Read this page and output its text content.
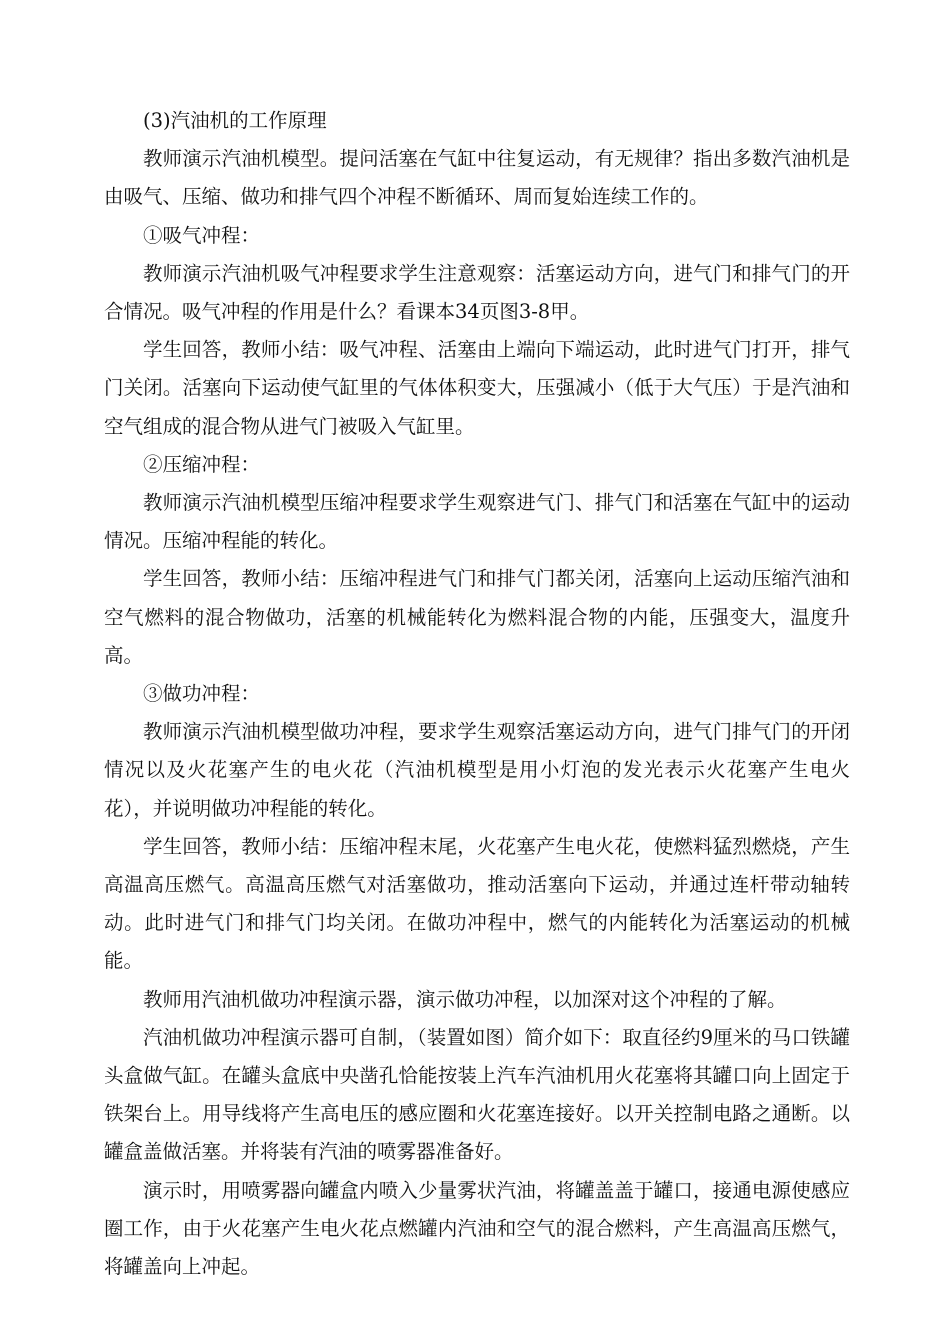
(3)汽油机的工作原理

教师演示汽油机模型。提问活塞在气缸中往复运动，有无规律？指出多数汽油机是由吸气、压缩、做功和排气四个冲程不断循环、周而复始连续工作的。

①吸气冲程：

教师演示汽油机吸气冲程要求学生注意观察：活塞运动方向，进气门和排气门的开合情况。吸气冲程的作用是什么？看课本34页图3-8甲。

学生回答，教师小结：吸气冲程、活塞由上端向下端运动，此时进气门打开，排气门关闭。活塞向下运动使气缸里的气体体积变大，压强减小（低于大气压）于是汽油和空气组成的混合物从进气门被吸入气缸里。

②压缩冲程：

教师演示汽油机模型压缩冲程要求学生观察进气门、排气门和活塞在气缸中的运动情况。压缩冲程能的转化。

学生回答，教师小结：压缩冲程进气门和排气门都关闭，活塞向上运动压缩汽油和空气燃料的混合物做功，活塞的机械能转化为燃料混合物的内能，压强变大，温度升高。

③做功冲程：

教师演示汽油机模型做功冲程，要求学生观察活塞运动方向，进气门排气门的开闭情况以及火花塞产生的电火花（汽油机模型是用小灯泡的发光表示火花塞产生电火花），并说明做功冲程能的转化。

学生回答，教师小结：压缩冲程末尾，火花塞产生电火花，使燃料猛烈燃烧，产生高温高压燃气。高温高压燃气对活塞做功，推动活塞向下运动，并通过连杆带动轴转动。此时进气门和排气门均关闭。在做功冲程中，燃气的内能转化为活塞运动的机械能。

教师用汽油机做功冲程演示器，演示做功冲程，以加深对这个冲程的了解。

汽油机做功冲程演示器可自制，（装置如图）简介如下：取直径约9厘米的马口铁罐头盒做气缸。在罐头盒底中央凿孔恰能按装上汽车汽油机用火花塞将其罐口向上固定于铁架台上。用导线将产生高电压的感应圈和火花塞连接好。以开关控制电路之通断。以罐盒盖做活塞。并将装有汽油的喷雾器准备好。

演示时，用喷雾器向罐盒内喷入少量雾状汽油，将罐盖盖于罐口，接通电源使感应圈工作，由于火花塞产生电火花点燃罐内汽油和空气的混合燃料，产生高温高压燃气，将罐盖向上冲起。
